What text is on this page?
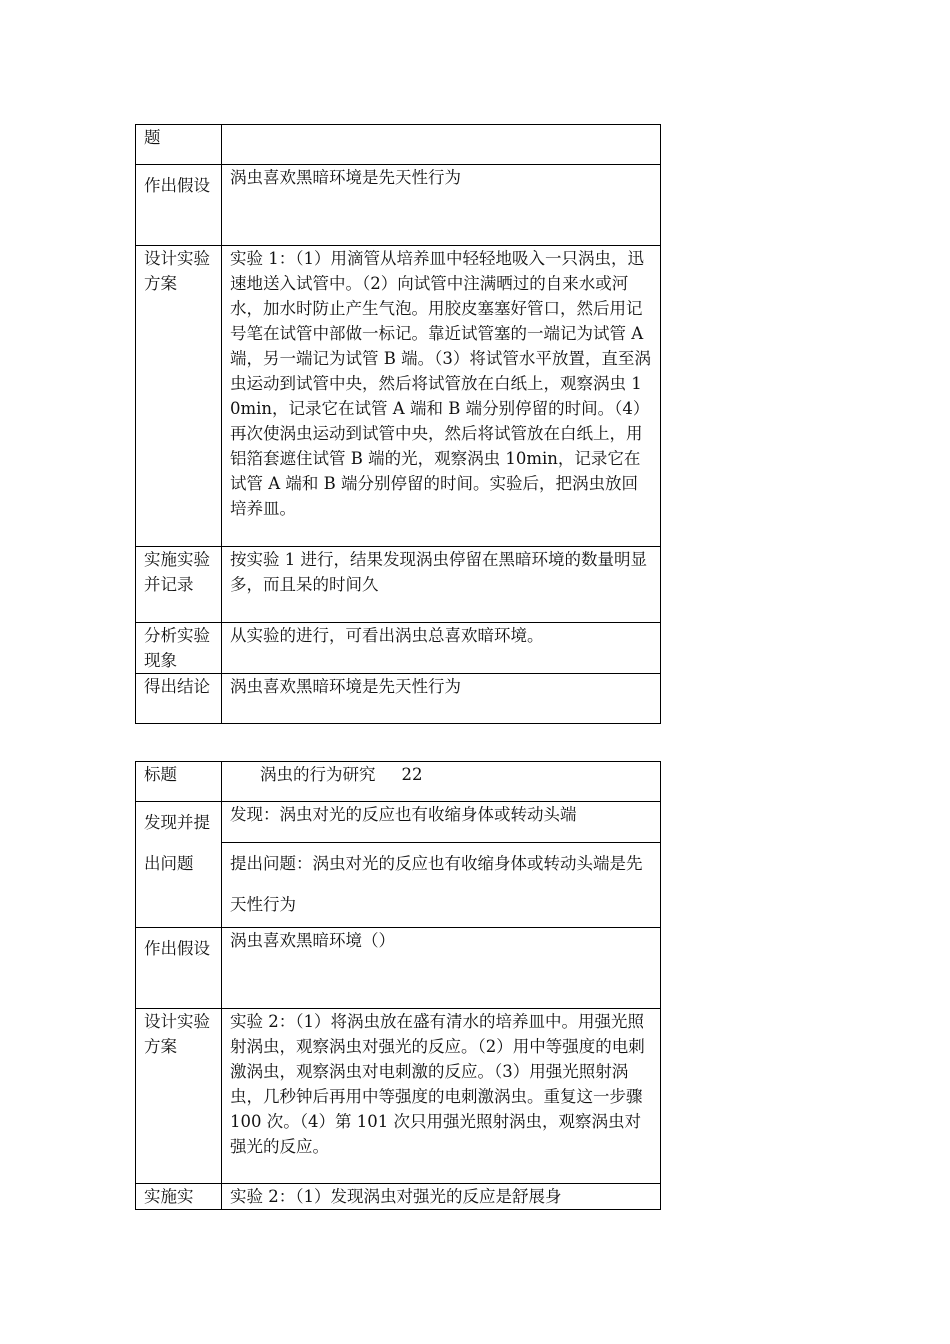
题	
作出假设	涡虫喜欢黑暗环境是先天性行为
设计实验方案	实验 1：（1）用滴管从培养皿中轻轻地吸入一只涡虫，迅速地送入试管中。（2）向试管中注满晒过的自来水或河水，加水时防止产生气泡。用胶皮塞塞好管口，然后用记号笔在试管中部做一标记。靠近试管塞的一端记为试管 A 端，另一端记为试管 B 端。（3）将试管水平放置，直至涡虫运动到试管中央，然后将试管放在白纸上，观察涡虫 10min，记录它在试管 A 端和 B 端分别停留的时间。（4）再次使涡虫运动到试管中央，然后将试管放在白纸上，用铝箔套遮住试管 B 端的光，观察涡虫 10min，记录它在试管 A 端和 B 端分别停留的时间。实验后，把涡虫放回培养皿。
实施实验并记录	按实验 1 进行，结果发现涡虫停留在黑暗环境的数量明显多，而且呆的时间久
分析实验现象	从实验的进行，可看出涡虫总喜欢暗环境。
得出结论	涡虫喜欢黑暗环境是先天性行为
标题	涡虫的行为研究 22
发现并提出问题	发现：涡虫对光的反应也有收缩身体或转动头端
提出问题：涡虫对光的反应也有收缩身体或转动头端是先天性行为

作出假设	涡虫喜欢黑暗环境（）
设计实验方案	实验 2：（1）将涡虫放在盛有清水的培养皿中。用强光照射涡虫，观察涡虫对强光的反应。（2）用中等强度的电刺激涡虫，观察涡虫对电刺激的反应。（3）用强光照射涡虫，几秒钟后再用中等强度的电刺激涡虫。重复这一步骤 100 次。（4）第 101 次只用强光照射涡虫，观察涡虫对强光的反应。
实施实	实验 2：（1）发现涡虫对强光的反应是舒展身
